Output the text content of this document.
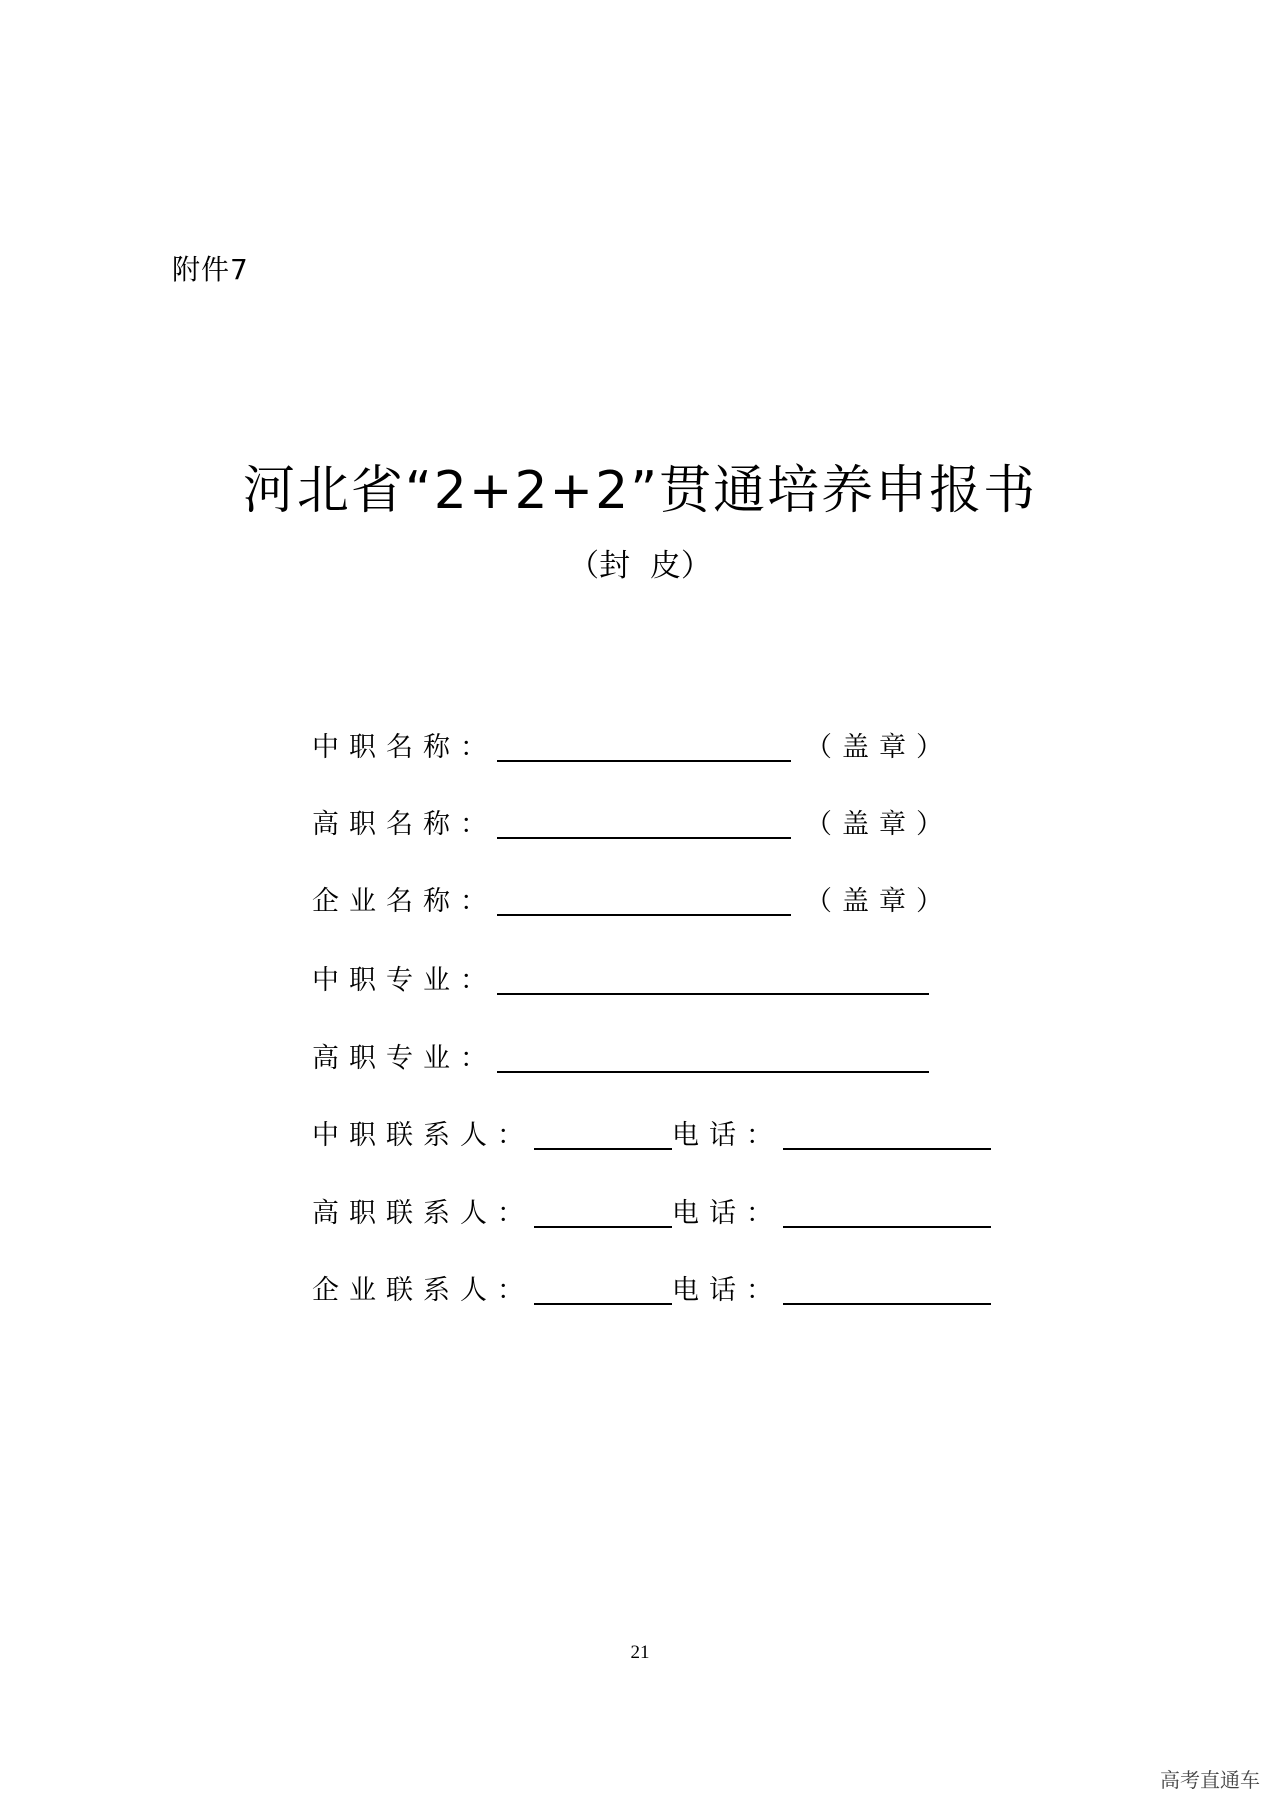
附件7
河北省“2+2+2”贯通培养申报书
（封  皮）
中职名称：	（盖章）
高职名称：	（盖章）
企业名称：	（盖章）
中职专业：
高职专业：
中职联系人：	电话：
高职联系人：	电话：
企业联系人：	电话：
21
高考直通车
